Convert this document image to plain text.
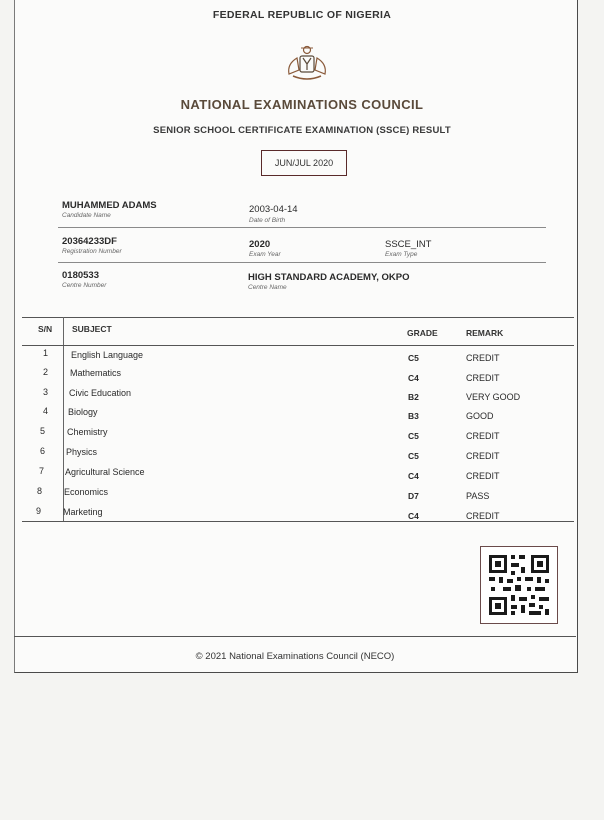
FEDERAL REPUBLIC OF NIGERIA
NATIONAL EXAMINATIONS COUNCIL
SENIOR SCHOOL CERTIFICATE EXAMINATION (SSCE) RESULT
JUN/JUL 2020
MUHAMMED ADAMS
Candidate Name
2003-04-14
Date of Birth
20364233DF
Registration Number
2020
Exam Year
SSCE_INT
Exam Type
0180533
Centre Number
HIGH STANDARD ACADEMY, OKPO
Centre Name
S/N SUBJECT	GRADE	REMARK
1	English Language	C5	CREDIT
2 Mathematics	C4	CREDIT
3 Civic Education	B2	VERY GOOD
4 Biology	B3	GOOD
5 Chemistry	C5	CREDIT
6 Physics	C5	CREDIT
7 Agricultural Science	C4	CREDIT
8 Economics	D7	PASS
9 Marketing	C4	CREDIT
© 2021 National Examinations Council (NECO)
